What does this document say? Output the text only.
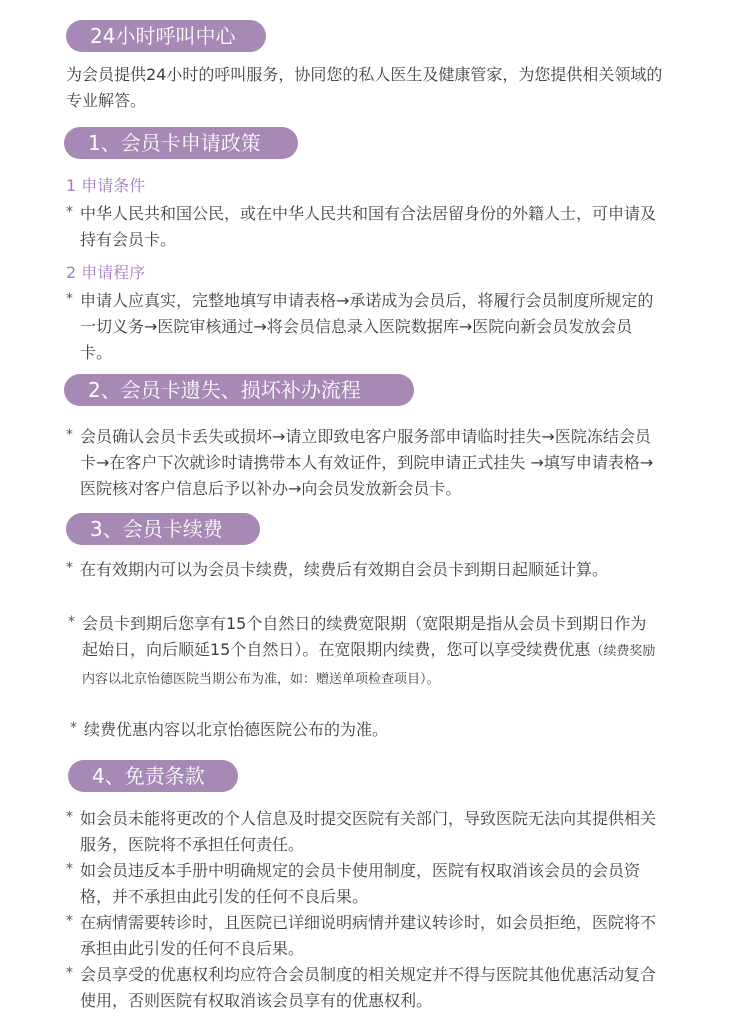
24小时呼叫中心

为会员提供24小时的呼叫服务，协同您的私人医生及健康管家，为您提供相关领域的专业解答。

1、会员卡申请政策
1 申请条件

* 中华人民共和国公民，或在中华人民共和国有合法居留身份的外籍人士，可申请及持有会员卡。

2 申请程序

* 申请人应真实，完整地填写申请表格→承诺成为会员后，将履行会员制度所规定的一切义务→医院审核通过→将会员信息录入医院数据库→医院向新会员发放会员卡。

2、会员卡遗失、损坏补办流程

* 会员确认会员卡丢失或损坏→请立即致电客户服务部申请临时挂失→医院冻结会员卡→在客户下次就诊时请携带本人有效证件，到院申请正式挂失 →填写申请表格→医院核对客户信息后予以补办→向会员发放新会员卡。

3、会员卡续费

* 在有效期内可以为会员卡续费，续费后有效期自会员卡到期日起顺延计算。

* 会员卡到期后您享有15个自然日的续费宽限期（宽限期是指从会员卡到期日作为起始日，向后顺延15个自然日）。在宽限期内续费，您可以享受续费优惠（续费奖励内容以北京怡德医院当期公布为准，如：赠送单项检查项目）。

* 续费优惠内容以北京怡德医院公布的为准。

4、免责条款

* 如会员未能将更改的个人信息及时提交医院有关部门，导致医院无法向其提供相关服务，医院将不承担任何责任。

* 如会员违反本手册中明确规定的会员卡使用制度，医院有权取消该会员的会员资格，并不承担由此引发的任何不良后果。

* 在病情需要转诊时，且医院已详细说明病情并建议转诊时，如会员拒绝，医院将不承担由此引发的任何不良后果。

* 会员享受的优惠权利均应符合会员制度的相关规定并不得与医院其他优惠活动复合使用，否则医院有权取消该会员享有的优惠权利。
